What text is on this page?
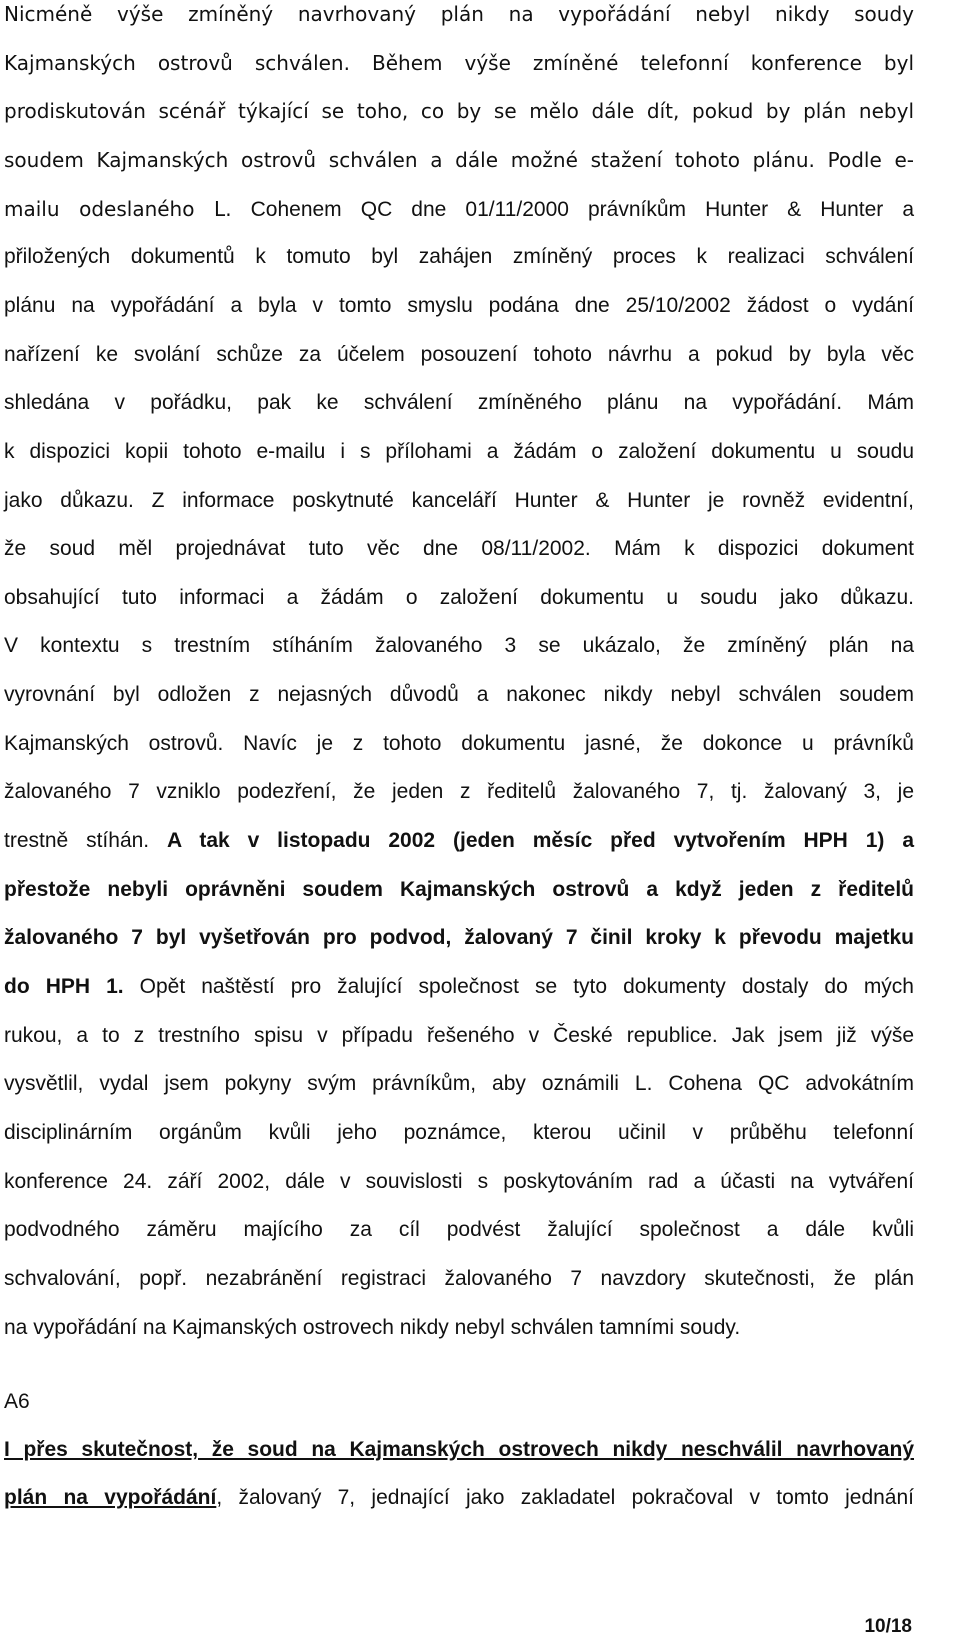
Nicméně výše zmíněný navrhovaný plán na vypořádání nebyl nikdy soudy
Kajmanských ostrovů schválen. Během výše zmíněné telefonní konference byl
prodiskutován scénář týkající se toho, co by se mělo dále dít, pokud by plán nebyl
soudem Kajmanských ostrovů schválen a dále možné stažení tohoto plánu. Podle e-
mailu odeslaného L. Cohenem QC dne 01/11/2000 právníkům Hunter & Hunter a
přiložených dokumentů k tomuto byl zahájen zmíněný proces k realizaci schválení
plánu na vypořádání a byla v tomto smyslu podána dne 25/10/2002 žádost o vydání
nařízení ke svolání schůze za účelem posouzení tohoto návrhu a pokud by byla věc
shledána v pořádku, pak ke schválení zmíněného plánu na vypořádání. Mám
k dispozici kopii tohoto e-mailu i s přílohami a žádám o založení dokumentu u soudu
jako důkazu. Z informace poskytnuté kanceláří Hunter & Hunter je rovněž evidentní,
že soud měl projednávat tuto věc dne 08/11/2002. Mám k dispozici dokument
obsahující tuto informaci a žádám o založení dokumentu u soudu jako důkazu.
V kontextu s trestním stíháním žalovaného 3 se ukázalo, že zmíněný plán na
vyrovnání byl odložen z nejasných důvodů a nakonec nikdy nebyl schválen soudem
Kajmanských ostrovů. Navíc je z tohoto dokumentu jasné, že dokonce u právníků
žalovaného 7 vzniklo podezření, že jeden z ředitelů žalovaného 7, tj. žalovaný 3, je
trestně stíhán. A tak v listopadu 2002 (jeden měsíc před vytvořením HPH 1) a
přestože nebyli oprávněni soudem Kajmanských ostrovů a když jeden z ředitelů
žalovaného 7 byl vyšetřován pro podvod, žalovaný 7 činil kroky k převodu majetku
do HPH 1. Opět naštěstí pro žalující společnost se tyto dokumenty dostaly do mých
rukou, a to z trestního spisu v případu řešeného v České republice. Jak jsem již výše
vysvětlil, vydal jsem pokyny svým právníkům, aby oznámili L. Cohena QC advokátním
disciplinárním orgánům kvůli jeho poznámce, kterou učinil v průběhu telefonní
konference 24. září 2002, dále v souvislosti s poskytováním rad a účasti na vytváření
podvodného záměru majícího za cíl podvést žalující společnost a dále kvůli
schvalování, popř. nezabránění registraci žalovaného 7 navzdory skutečnosti, že plán
na vypořádání na Kajmanských ostrovech nikdy nebyl schválen tamními soudy.
A6
I přes skutečnost, že soud na Kajmanských ostrovech nikdy neschválil navrhovaný
plán na vypořádání, žalovaný 7, jednající jako zakladatel pokračoval v tomto jednání
10/18
